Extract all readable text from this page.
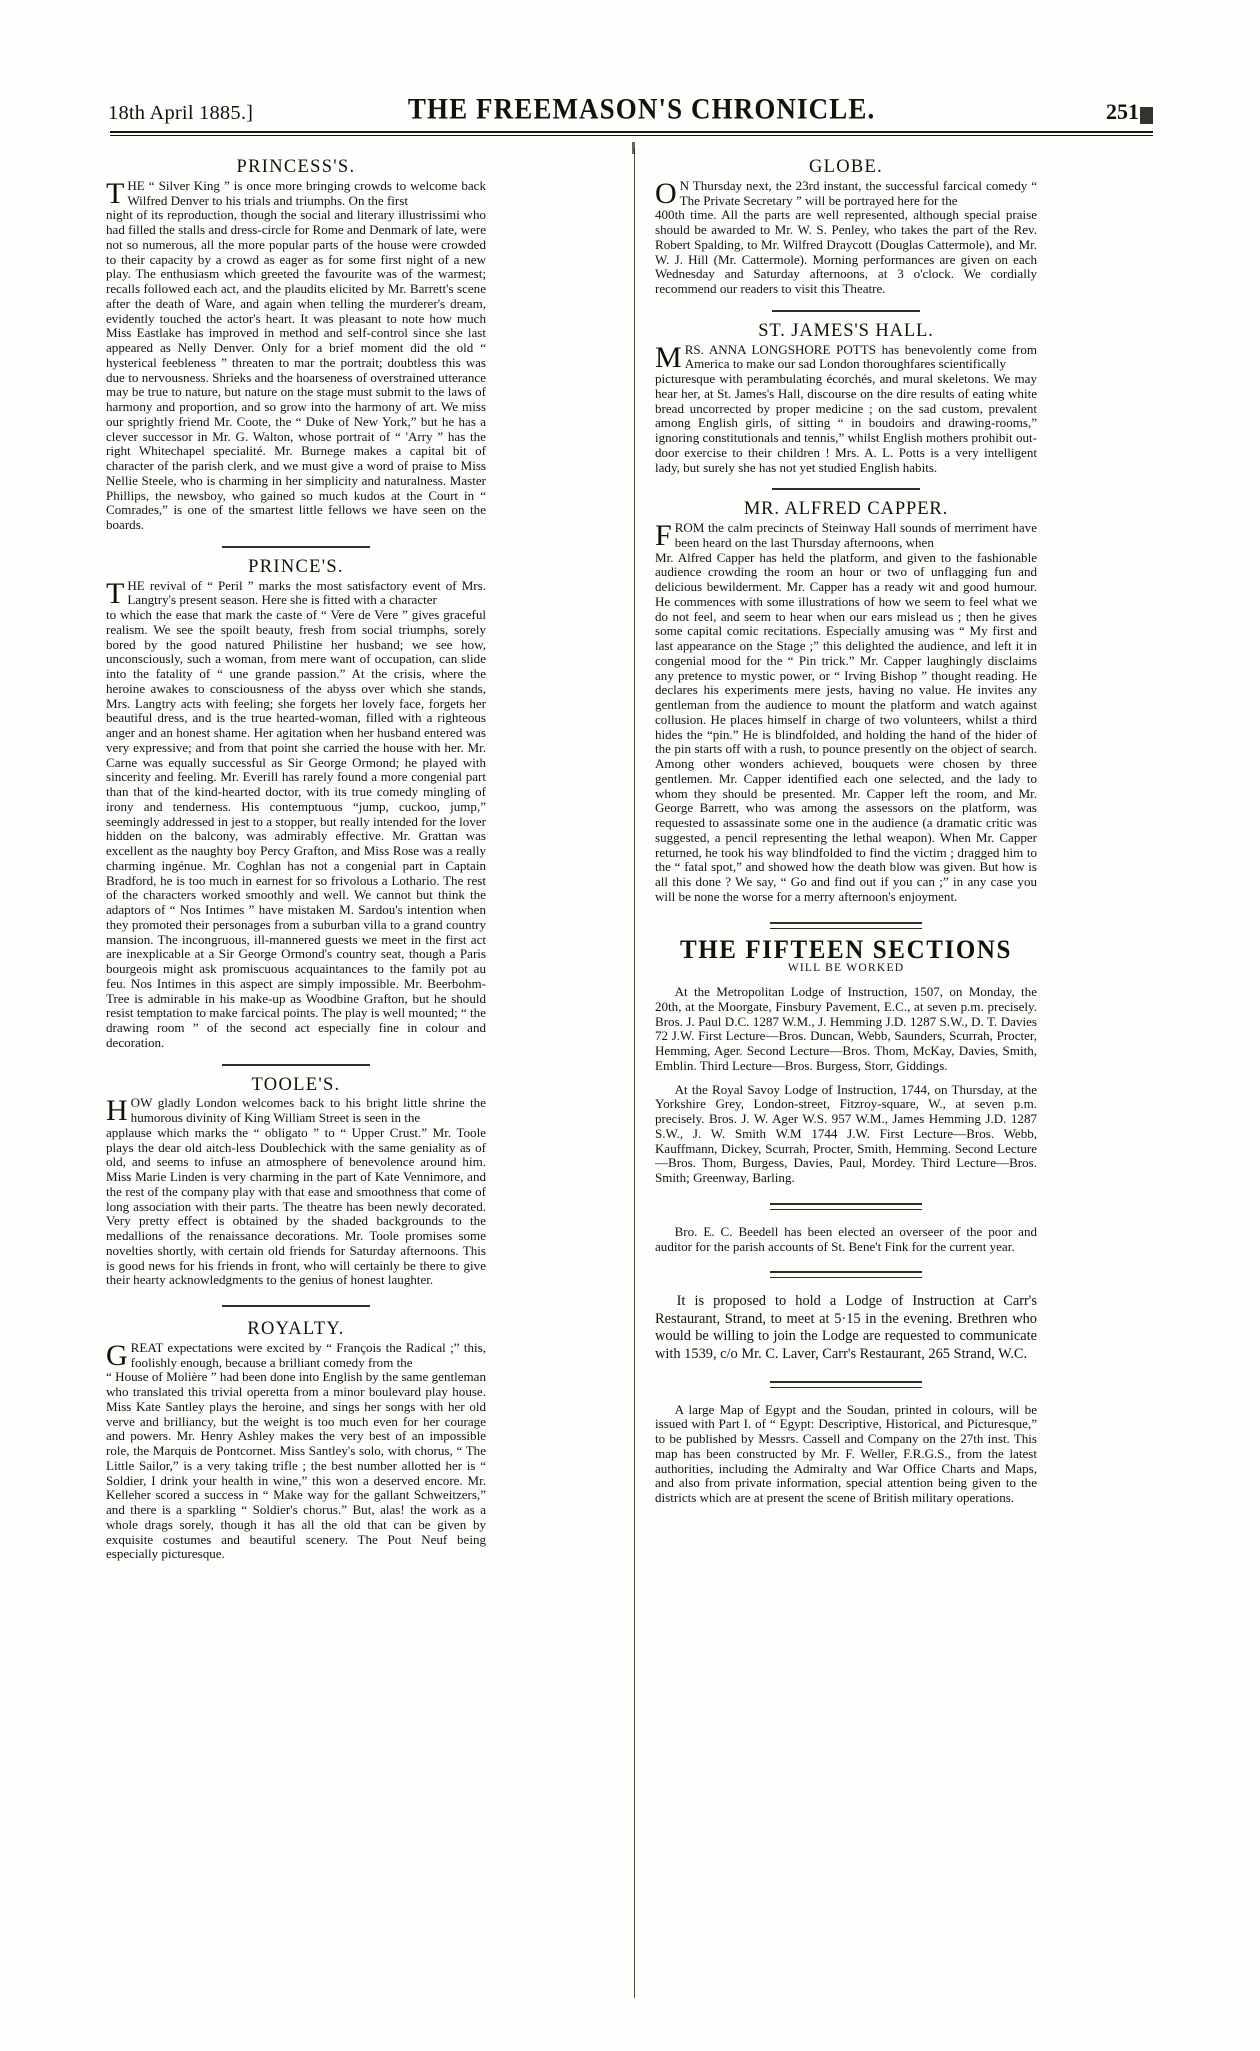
18th April 1885.]	THE FREEMASON'S CHRONICLE.	251
PRINCESS'S.
T HE “ Silver King ” is once more bringing crowds to welcome back Wilfred Denver to his trials and triumphs. On the first

night of its reproduction, though the social and literary illustrissimi who had filled the stalls and dress-circle for Rome and Denmark of late, were not so numerous, all the more popular parts of the house were crowded to their capacity by a crowd as eager as for some first night of a new play. The enthusiasm which greeted the favourite was of the warmest; recalls followed each act, and the plaudits elicited by Mr. Barrett's scene after the death of Ware, and again when telling the murderer's dream, evidently touched the actor's heart. It was pleasant to note how much Miss Eastlake has improved in method and self-control since she last appeared as Nelly Denver. Only for a brief moment did the old “ hysterical feebleness ” threaten to mar the portrait; doubtless this was due to nervousness. Shrieks and the hoarseness of overstrained utterance may be true to nature, but nature on the stage must submit to the laws of harmony and proportion, and so grow into the harmony of art. We miss our sprightly friend Mr. Coote, the “ Duke of New York,” but he has a clever successor in Mr. G. Walton, whose portrait of “ 'Arry ” has the right Whitechapel specialité. Mr. Burnege makes a capital bit of character of the parish clerk, and we must give a word of praise to Miss Nellie Steele, who is charming in her simplicity and naturalness. Master Phillips, the newsboy, who gained so much kudos at the Court in “ Comrades,” is one of the smartest little fellows we have seen on the boards.

PRINCE'S.
T HE revival of “ Peril ” marks the most satisfactory event of Mrs. Langtry's present season. Here she is fitted with a character

to which the ease that mark the caste of “ Vere de Vere ” gives graceful realism. We see the spoilt beauty, fresh from social triumphs, sorely bored by the good natured Philistine her husband; we see how, unconsciously, such a woman, from mere want of occupation, can slide into the fatality of “ une grande passion.” At the crisis, where the heroine awakes to consciousness of the abyss over which she stands, Mrs. Langtry acts with feeling; she forgets her lovely face, forgets her beautiful dress, and is the true hearted-woman, filled with a righteous anger and an honest shame. Her agitation when her husband entered was very expressive; and from that point she carried the house with her. Mr. Carne was equally successful as Sir George Ormond; he played with sincerity and feeling. Mr. Everill has rarely found a more congenial part than that of the kind-hearted doctor, with its true comedy mingling of irony and tenderness. His contemptuous “jump, cuckoo, jump,” seemingly addressed in jest to a stopper, but really intended for the lover hidden on the balcony, was admirably effective. Mr. Grattan was excellent as the naughty boy Percy Grafton, and Miss Rose was a really charming ingénue. Mr. Coghlan has not a congenial part in Captain Bradford, he is too much in earnest for so frivolous a Lothario. The rest of the characters worked smoothly and well. We cannot but think the adaptors of “ Nos Intimes ” have mistaken M. Sardou's intention when they promoted their personages from a suburban villa to a grand country mansion. The incongruous, ill-mannered guests we meet in the first act are inexplicable at a Sir George Ormond's country seat, though a Paris bourgeois might ask promiscuous acquaintances to the family pot au feu. Nos Intimes in this aspect are simply impossible. Mr. Beerbohm-Tree is admirable in his make-up as Woodbine Grafton, but he should resist temptation to make farcical points. The play is well mounted; “ the drawing room ” of the second act especially fine in colour and decoration.

TOOLE'S.
H OW gladly London welcomes back to his bright little shrine the humorous divinity of King William Street is seen in the

applause which marks the “ obligato ” to “ Upper Crust.” Mr. Toole plays the dear old aitch-less Doublechick with the same geniality as of old, and seems to infuse an atmosphere of benevolence around him. Miss Marie Linden is very charming in the part of Kate Vennimore, and the rest of the company play with that ease and smoothness that come of long association with their parts. The theatre has been newly decorated. Very pretty effect is obtained by the shaded backgrounds to the medallions of the renaissance decorations. Mr. Toole promises some novelties shortly, with certain old friends for Saturday afternoons. This is good news for his friends in front, who will certainly be there to give their hearty acknowledgments to the genius of honest laughter.

ROYALTY.
G REAT expectations were excited by “ François the Radical ;” this, foolishly enough, because a brilliant comedy from the

“ House of Molière ” had been done into English by the same gentleman who translated this trivial operetta from a minor boulevard play house. Miss Kate Santley plays the heroine, and sings her songs with her old verve and brilliancy, but the weight is too much even for her courage and powers. Mr. Henry Ashley makes the very best of an impossible role, the Marquis de Pontcornet. Miss Santley's solo, with chorus, “ The Little Sailor,” is a very taking trifle ; the best number allotted her is “ Soldier, I drink your health in wine,” this won a deserved encore. Mr. Kelleher scored a success in “ Make way for the gallant Schweitzers,” and there is a sparkling “ Soldier's chorus.” But, alas! the work as a whole drags sorely, though it has all the old that can be given by exquisite costumes and beautiful scenery. The Pout Neuf being especially picturesque.

GLOBE.
O N Thursday next, the 23rd instant, the successful farcical comedy “ The Private Secretary ” will be portrayed here for the

400th time. All the parts are well represented, although special praise should be awarded to Mr. W. S. Penley, who takes the part of the Rev. Robert Spalding, to Mr. Wilfred Draycott (Douglas Cattermole), and Mr. W. J. Hill (Mr. Cattermole). Morning performances are given on each Wednesday and Saturday afternoons, at 3 o'clock. We cordially recommend our readers to visit this Theatre.

ST. JAMES'S HALL.
M RS. ANNA LONGSHORE POTTS has benevolently come from America to make our sad London thoroughfares scientifically

picturesque with perambulating écorchés, and mural skeletons. We may hear her, at St. James's Hall, discourse on the dire results of eating white bread uncorrected by proper medicine ; on the sad custom, prevalent among English girls, of sitting “ in boudoirs and drawing-rooms,” ignoring constitutionals and tennis,” whilst English mothers prohibit out-door exercise to their children ! Mrs. A. L. Potts is a very intelligent lady, but surely she has not yet studied English habits.

MR. ALFRED CAPPER.
F ROM the calm precincts of Steinway Hall sounds of merriment have been heard on the last Thursday afternoons, when

Mr. Alfred Capper has held the platform, and given to the fashionable audience crowding the room an hour or two of unflagging fun and delicious bewilderment. Mr. Capper has a ready wit and good humour. He commences with some illustrations of how we seem to feel what we do not feel, and seem to hear when our ears mislead us ; then he gives some capital comic recitations. Especially amusing was “ My first and last appearance on the Stage ;” this delighted the audience, and left it in congenial mood for the “ Pin trick.” Mr. Capper laughingly disclaims any pretence to mystic power, or “ Irving Bishop ” thought reading. He declares his experiments mere jests, having no value. He invites any gentleman from the audience to mount the platform and watch against collusion. He places himself in charge of two volunteers, whilst a third hides the “pin.” He is blindfolded, and holding the hand of the hider of the pin starts off with a rush, to pounce presently on the object of search. Among other wonders achieved, bouquets were chosen by three gentlemen. Mr. Capper identified each one selected, and the lady to whom they should be presented. Mr. Capper left the room, and Mr. George Barrett, who was among the assessors on the platform, was requested to assassinate some one in the audience (a dramatic critic was suggested, a pencil representing the lethal weapon). When Mr. Capper returned, he took his way blindfolded to find the victim ; dragged him to the “ fatal spot,” and showed how the death blow was given. But how is all this done ? We say, “ Go and find out if you can ;” in any case you will be none the worse for a merry afternoon's enjoyment.

THE FIFTEEN SECTIONS
WILL BE WORKED

At the Metropolitan Lodge of Instruction, 1507, on Monday, the 20th, at the Moorgate, Finsbury Pavement, E.C., at seven p.m. precisely. Bros. J. Paul D.C. 1287 W.M., J. Hemming J.D. 1287 S.W., D. T. Davies 72 J.W. First Lecture—Bros. Duncan, Webb, Saunders, Scurrah, Procter, Hemming, Ager. Second Lecture—Bros. Thom, McKay, Davies, Smith, Emblin. Third Lecture—Bros. Burgess, Storr, Giddings.

At the Royal Savoy Lodge of Instruction, 1744, on Thursday, at the Yorkshire Grey, London-street, Fitzroy-square, W., at seven p.m. precisely. Bros. J. W. Ager W.S. 957 W.M., James Hemming J.D. 1287 S.W., J. W. Smith W.M 1744 J.W. First Lecture—Bros. Webb, Kauffmann, Dickey, Scurrah, Procter, Smith, Hemming. Second Lecture—Bros. Thom, Burgess, Davies, Paul, Mordey. Third Lecture—Bros. Smith; Greenway, Barling.

Bro. E. C. Beedell has been elected an overseer of the poor and auditor for the parish accounts of St. Bene't Fink for the current year.

It is proposed to hold a Lodge of Instruction at Carr's Restaurant, Strand, to meet at 5·15 in the evening. Brethren who would be willing to join the Lodge are requested to communicate with 1539, c/o Mr. C. Laver, Carr's Restaurant, 265 Strand, W.C.

A large Map of Egypt and the Soudan, printed in colours, will be issued with Part I. of “ Egypt: Descriptive, Historical, and Picturesque,” to be published by Messrs. Cassell and Company on the 27th inst. This map has been constructed by Mr. F. Weller, F.R.G.S., from the latest authorities, including the Admiralty and War Office Charts and Maps, and also from private information, special attention being given to the districts which are at present the scene of British military operations.
